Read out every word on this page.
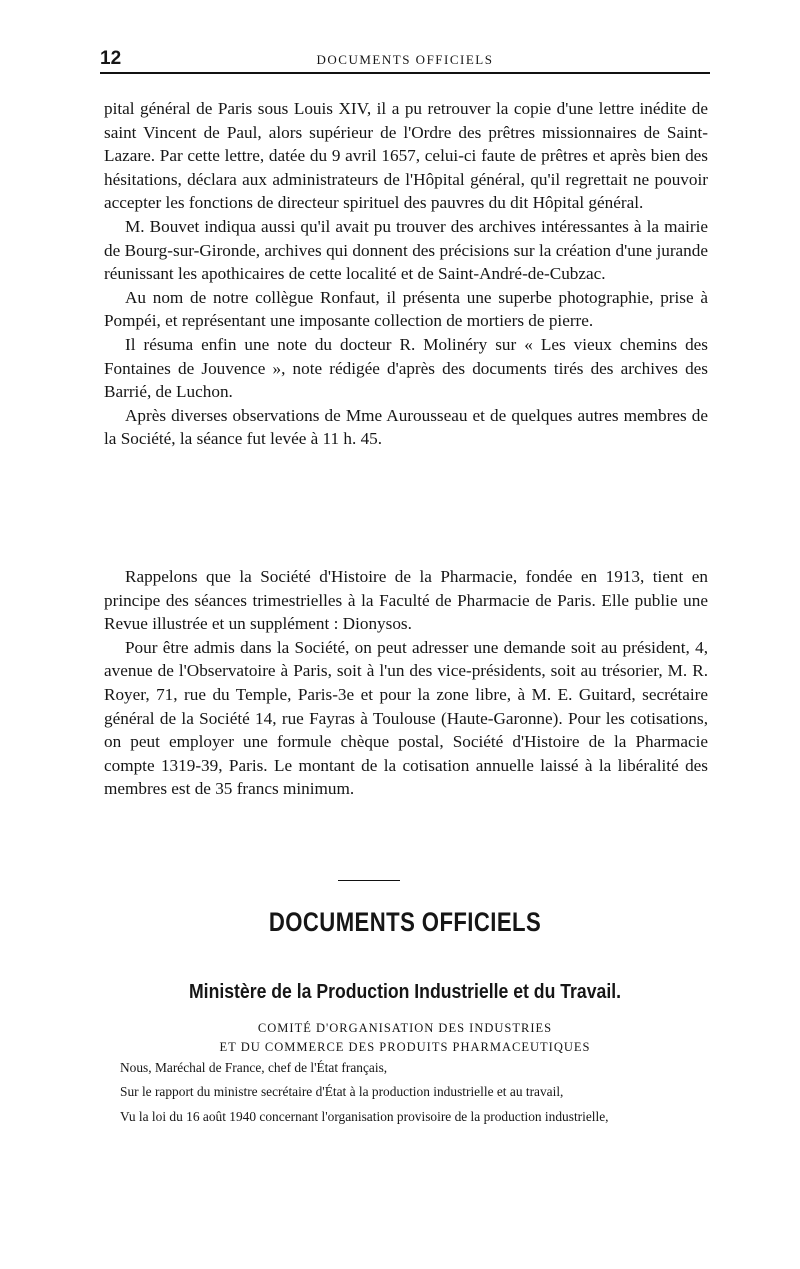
12	DOCUMENTS OFFICIELS

pital général de Paris sous Louis XIV, il a pu retrouver la copie d'une lettre inédite de saint Vincent de Paul, alors supérieur de l'Ordre des prêtres missionnaires de Saint-Lazare. Par cette lettre, datée du 9 avril 1657, celui-ci faute de prêtres et après bien des hésitations, déclara aux administrateurs de l'Hôpital général, qu'il regrettait ne pouvoir accepter les fonctions de directeur spirituel des pauvres du dit Hôpital général.

M. Bouvet indiqua aussi qu'il avait pu trouver des archives intéressantes à la mairie de Bourg-sur-Gironde, archives qui donnent des précisions sur la création d'une jurande réunissant les apothicaires de cette localité et de Saint-André-de-Cubzac.

Au nom de notre collègue Ronfaut, il présenta une superbe photographie, prise à Pompéi, et représentant une imposante collection de mortiers de pierre.

Il résuma enfin une note du docteur R. Molinéry sur « Les vieux chemins des Fontaines de Jouvence », note rédigée d'après des documents tirés des archives des Barrié, de Luchon.

Après diverses observations de Mme Aurousseau et de quelques autres membres de la Société, la séance fut levée à 11 h. 45.

Rappelons que la Société d'Histoire de la Pharmacie, fondée en 1913, tient en principe des séances trimestrielles à la Faculté de Pharmacie de Paris. Elle publie une Revue illustrée et un supplément : Dionysos.

Pour être admis dans la Société, on peut adresser une demande soit au président, 4, avenue de l'Observatoire à Paris, soit à l'un des vice-présidents, soit au trésorier, M. R. Royer, 71, rue du Temple, Paris-3e et pour la zone libre, à M. E. Guitard, secrétaire général de la Société 14, rue Fayras à Toulouse (Haute-Garonne). Pour les cotisations, on peut employer une formule chèque postal, Société d'Histoire de la Pharmacie compte 1319-39, Paris. Le montant de la cotisation annuelle laissé à la libéralité des membres est de 35 francs minimum.

DOCUMENTS OFFICIELS
Ministère de la Production Industrielle et du Travail.
COMITÉ D'ORGANISATION DES INDUSTRIES
ET DU COMMERCE DES PRODUITS PHARMACEUTIQUES

Nous, Maréchal de France, chef de l'État français,

Sur le rapport du ministre secrétaire d'État à la production industrielle et au travail,

Vu la loi du 16 août 1940 concernant l'organisation provisoire de la production industrielle,
